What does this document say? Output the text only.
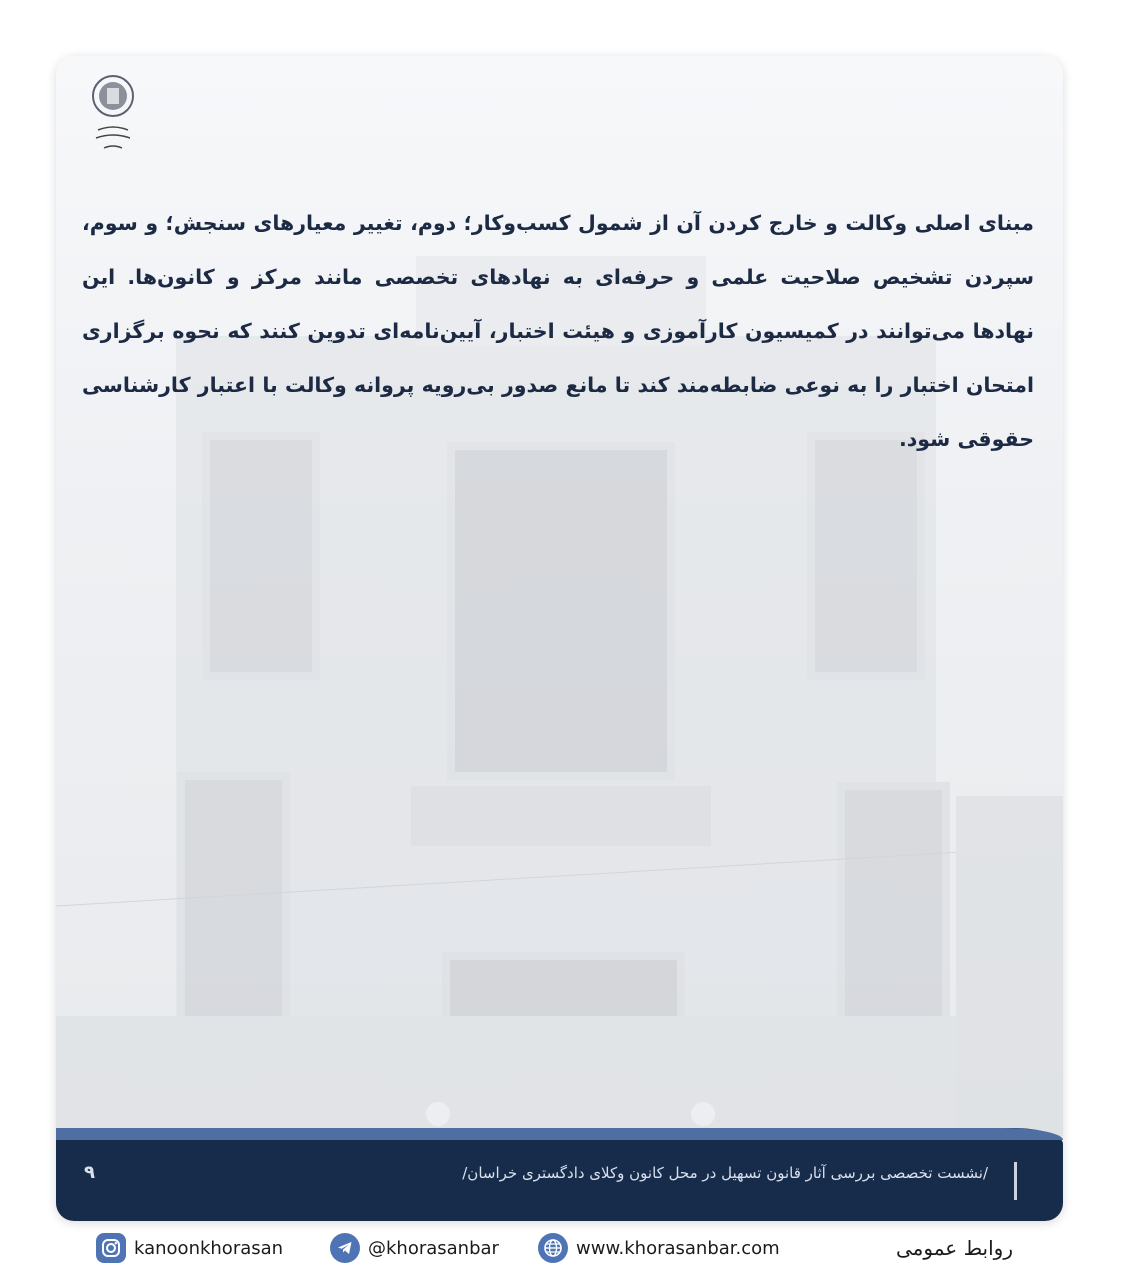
مبنای اصلی وکالت و خارج کردن آن از شمول کسب‌وکار؛ دوم، تغییر معیارهای سنجش؛ و سوم، سپردن تشخیص صلاحیت علمی و حرفه‌ای به نهادهای تخصصی مانند مرکز و کانون‌ها. این نهادها می‌توانند در کمیسیون کارآموزی و هیئت اختبار، آیین‌نامه‌ای تدوین کنند که نحوه برگزاری امتحان اختبار را به نوعی ضابطه‌مند کند تا مانع صدور بی‌رویه پروانه وکالت با اعتبار کارشناسی حقوقی شود.
/نشست تخصصی بررسی آثار قانون تسهیل در محل کانون وکلای دادگستری خراسان/
۹
kanoonkhorasan	@khorasanbar	www.khorasanbar.com	روابط عمومی
